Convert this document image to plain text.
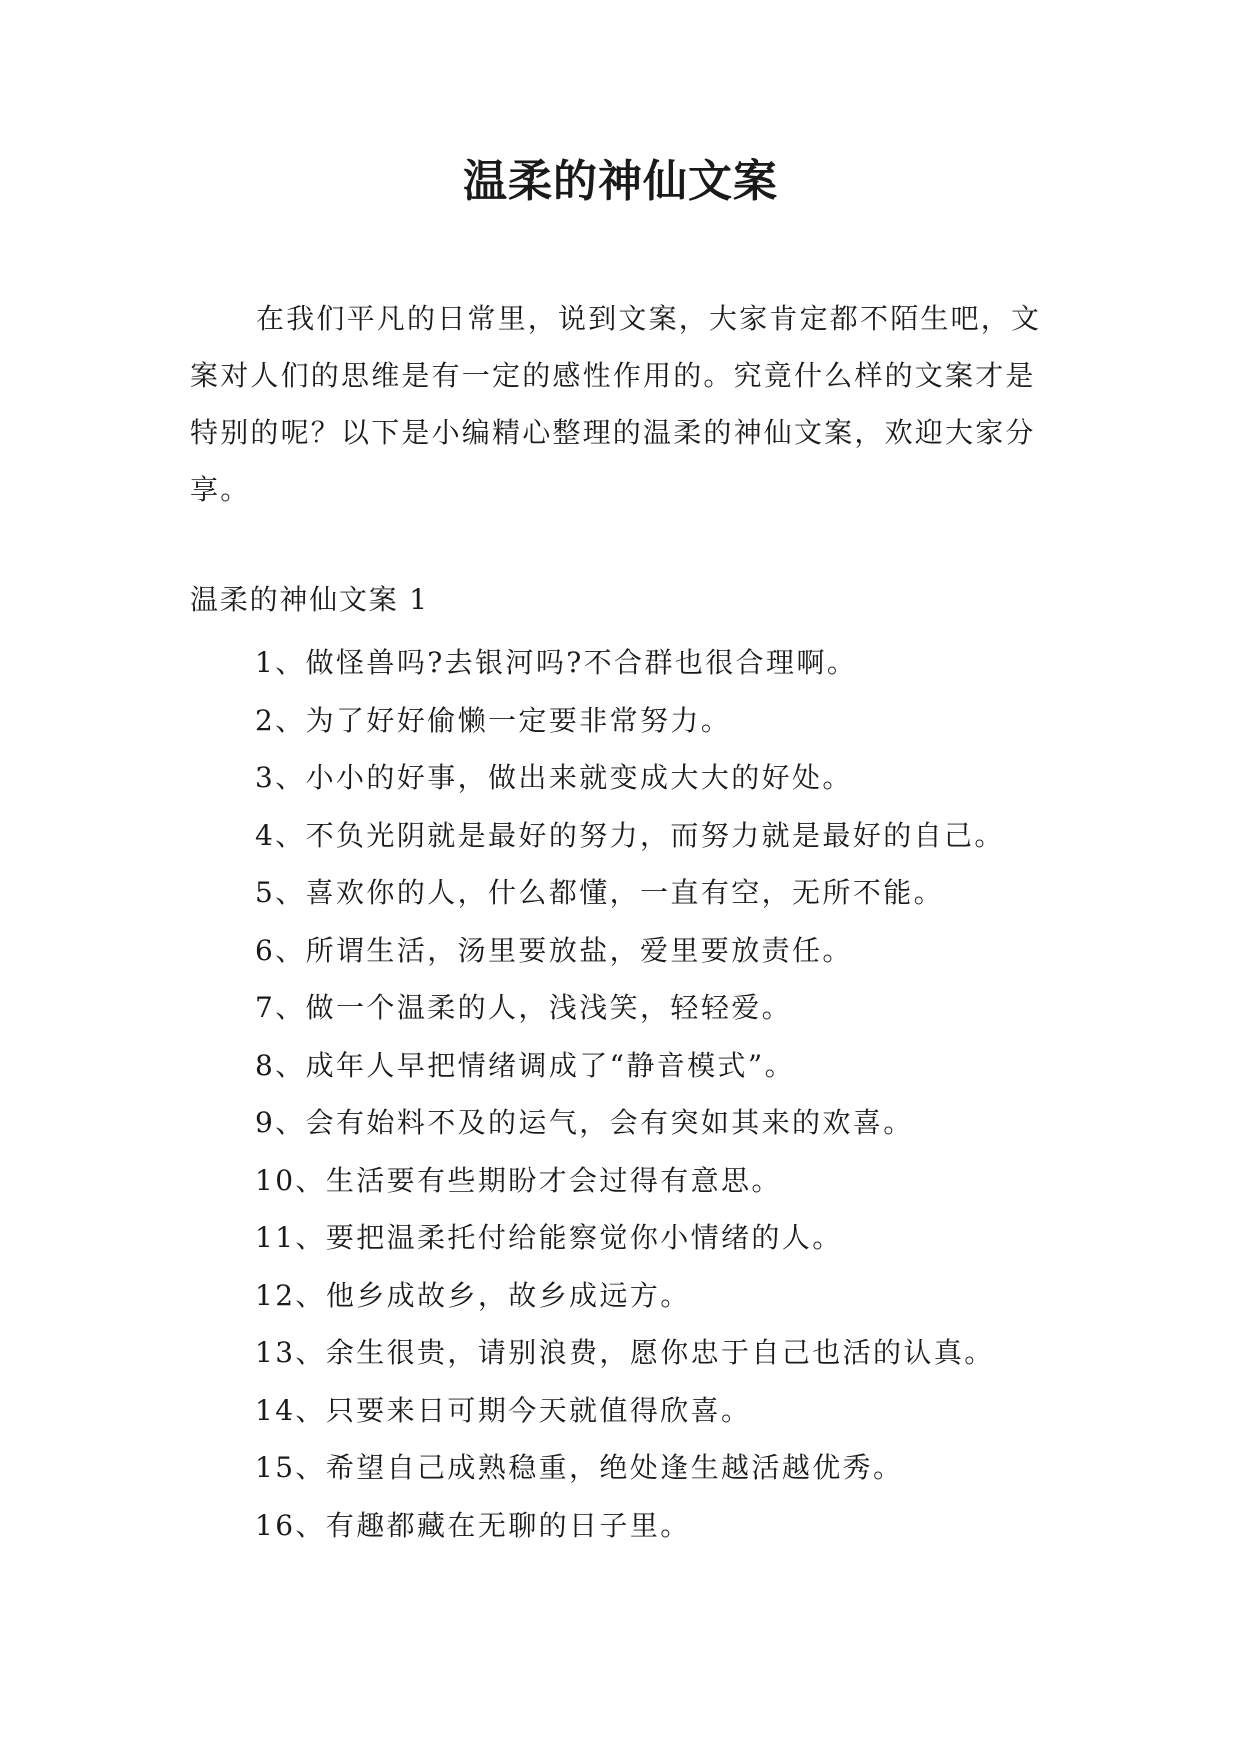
温柔的神仙文案

在我们平凡的日常里，说到文案，大家肯定都不陌生吧，文案对人们的思维是有一定的感性作用的。究竟什么样的文案才是特别的呢？以下是小编精心整理的温柔的神仙文案，欢迎大家分享。

温柔的神仙文案 1
1、做怪兽吗?去银河吗?不合群也很合理啊。
2、为了好好偷懒一定要非常努力。
3、小小的好事，做出来就变成大大的好处。
4、不负光阴就是最好的努力，而努力就是最好的自己。
5、喜欢你的人，什么都懂，一直有空，无所不能。
6、所谓生活，汤里要放盐，爱里要放责任。
7、做一个温柔的人，浅浅笑，轻轻爱。
8、成年人早把情绪调成了“静音模式”。
9、会有始料不及的运气，会有突如其来的欢喜。
10、生活要有些期盼才会过得有意思。
11、要把温柔托付给能察觉你小情绪的人。
12、他乡成故乡，故乡成远方。
13、余生很贵，请别浪费，愿你忠于自己也活的认真。
14、只要来日可期今天就值得欣喜。
15、希望自己成熟稳重，绝处逢生越活越优秀。
16、有趣都藏在无聊的日子里。
